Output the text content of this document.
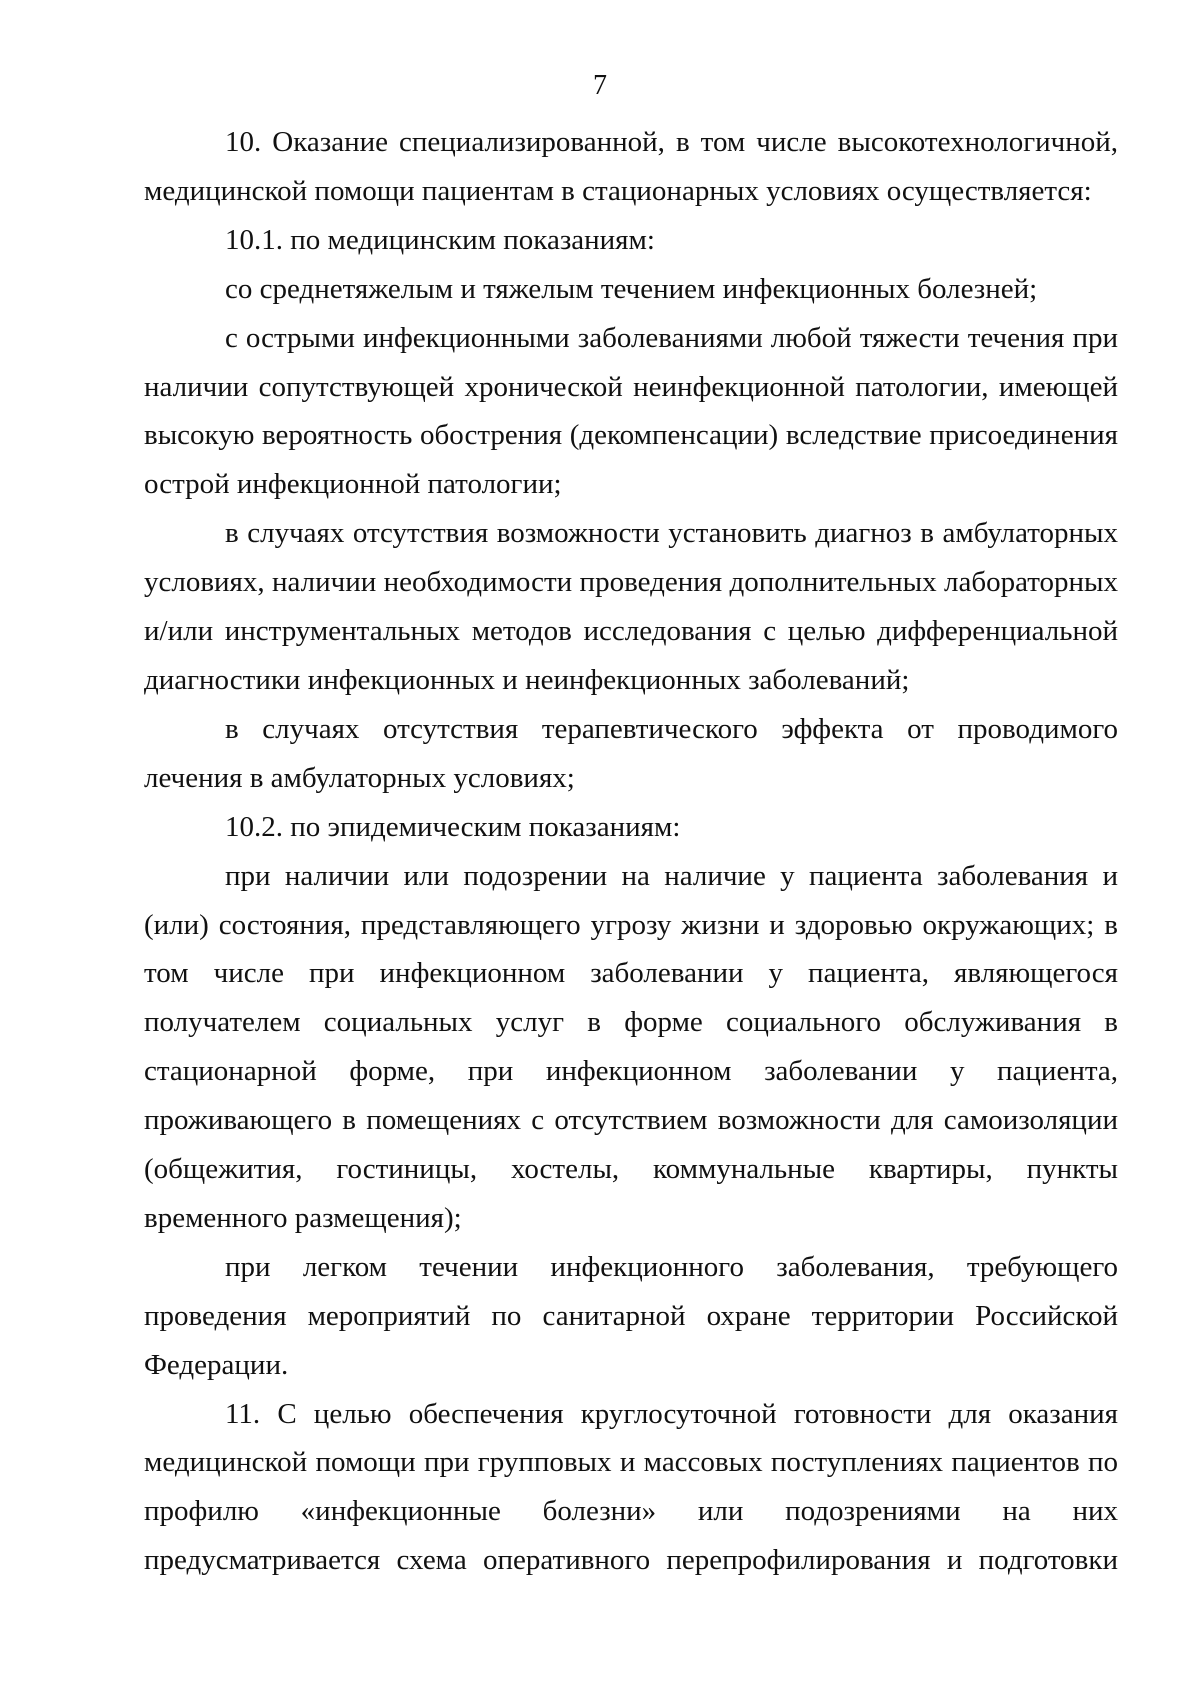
7

10. Оказание специализированной, в том числе высокотехнологичной, медицинской помощи пациентам в стационарных условиях осуществляется:

10.1. по медицинским показаниям:

со среднетяжелым и тяжелым течением инфекционных болезней;

с острыми инфекционными заболеваниями любой тяжести течения при наличии сопутствующей хронической неинфекционной патологии, имеющей высокую вероятность обострения (декомпенсации) вследствие присоединения острой инфекционной патологии;

в случаях отсутствия возможности установить диагноз в амбулаторных условиях, наличии необходимости проведения дополнительных лабораторных и/или инструментальных методов исследования с целью дифференциальной диагностики инфекционных и неинфекционных заболеваний;

в случаях отсутствия терапевтического эффекта от проводимого лечения в амбулаторных условиях;

10.2. по эпидемическим показаниям:

при наличии или подозрении на наличие у пациента заболевания и (или) состояния, представляющего угрозу жизни и здоровью окружающих; в том числе при инфекционном заболевании у пациента, являющегося получателем социальных услуг в форме социального обслуживания в стационарной форме, при инфекционном заболевании у пациента, проживающего в помещениях с отсутствием возможности для самоизоляции (общежития, гостиницы, хостелы, коммунальные квартиры, пункты временного размещения);

при легком течении инфекционного заболевания, требующего проведения мероприятий по санитарной охране территории Российской Федерации.

11. С целью обеспечения круглосуточной готовности для оказания медицинской помощи при групповых и массовых поступлениях пациентов по профилю «инфекционные болезни» или подозрениями на них предусматривается схема оперативного перепрофилирования и подготовки
